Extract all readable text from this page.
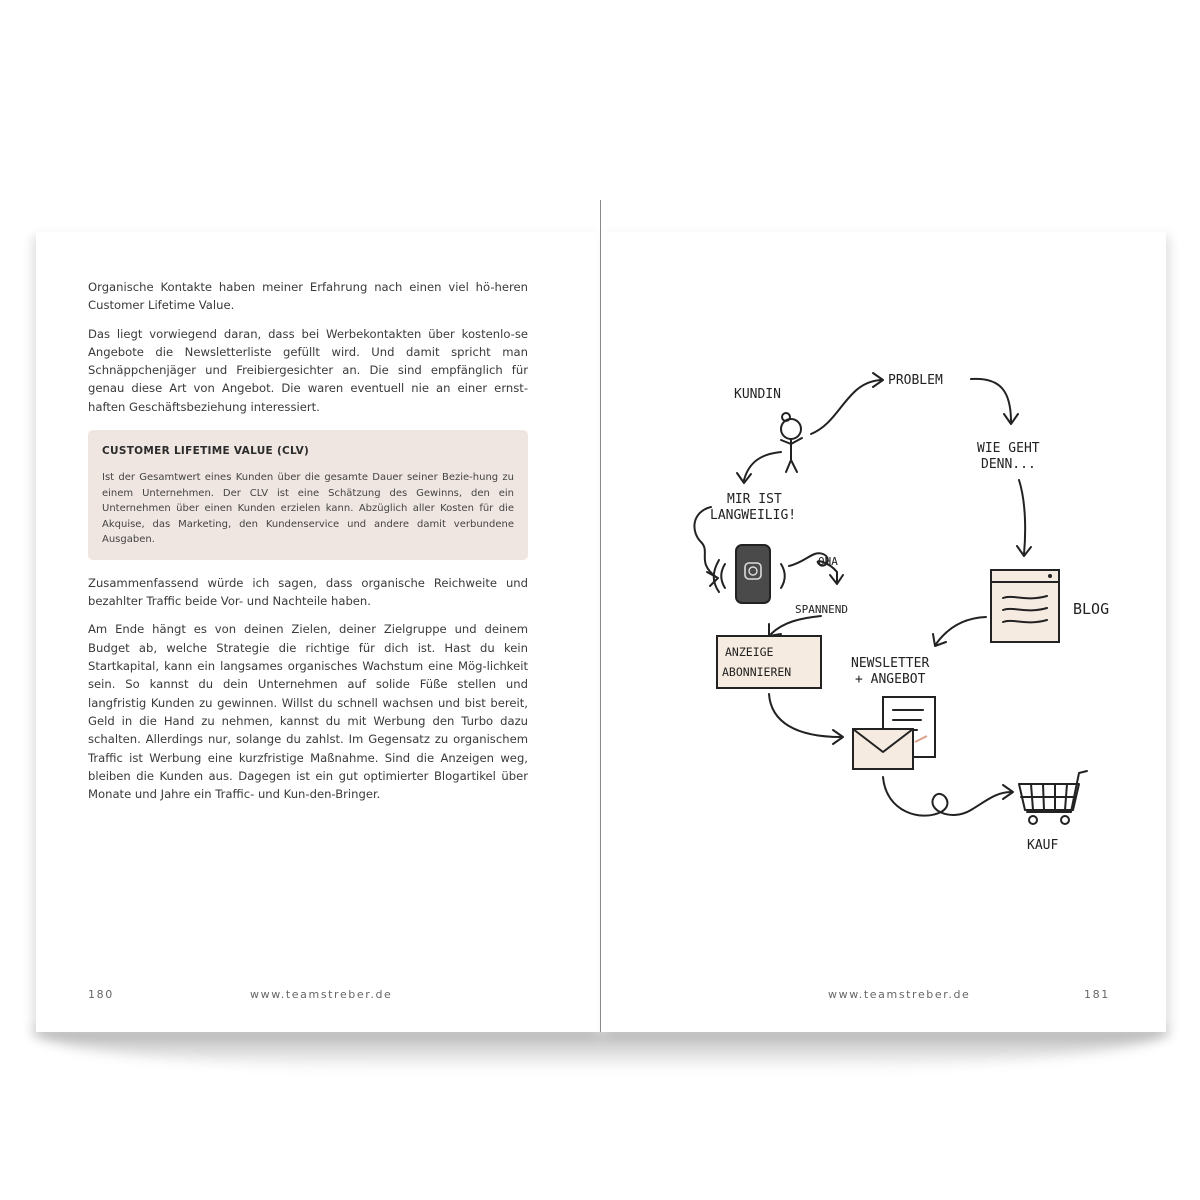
Organische Kontakte haben meiner Erfahrung nach einen viel hö-heren Customer Lifetime Value.

Das liegt vorwiegend daran, dass bei Werbekontakten über kostenlo-se Angebote die Newsletterliste gefüllt wird. Und damit spricht man Schnäppchenjäger und Freibiergesichter an. Die sind empfänglich für genau diese Art von Angebot. Die waren eventuell nie an einer ernst-haften Geschäftsbeziehung interessiert.

CUSTOMER LIFETIME VALUE (CLV)
Ist der Gesamtwert eines Kunden über die gesamte Dauer seiner Bezie-hung zu einem Unternehmen. Der CLV ist eine Schätzung des Gewinns, den ein Unternehmen über einen Kunden erzielen kann. Abzüglich aller Kosten für die Akquise, das Marketing, den Kundenservice und andere damit verbundene Ausgaben.

Zusammenfassend würde ich sagen, dass organische Reichweite und bezahlter Traffic beide Vor- und Nachteile haben.

Am Ende hängt es von deinen Zielen, deiner Zielgruppe und deinem Budget ab, welche Strategie die richtige für dich ist. Hast du kein Startkapital, kann ein langsames organisches Wachstum eine Mög-lichkeit sein. So kannst du dein Unternehmen auf solide Füße stellen und langfristig Kunden zu gewinnen. Willst du schnell wachsen und bist bereit, Geld in die Hand zu nehmen, kannst du mit Werbung den Turbo dazu schalten. Allerdings nur, solange du zahlst. Im Gegensatz zu organischem Traffic ist Werbung eine kurzfristige Maßnahme. Sind die Anzeigen weg, bleiben die Kunden aus. Dagegen ist ein gut optimierter Blogartikel über Monate und Jahre ein Traffic- und Kun-den-Bringer.

180	www.teamstreber.de
KUNDIN
PROBLEM
WIE GEHT
DENN...
MIR IST
LANGWEILIG!
OHA
SPANNEND	BLOG
NEWSLETTER
+ ANGEBOT
KAUF
ANZEIGE
ABONNIEREN
www.teamstreber.de	181
